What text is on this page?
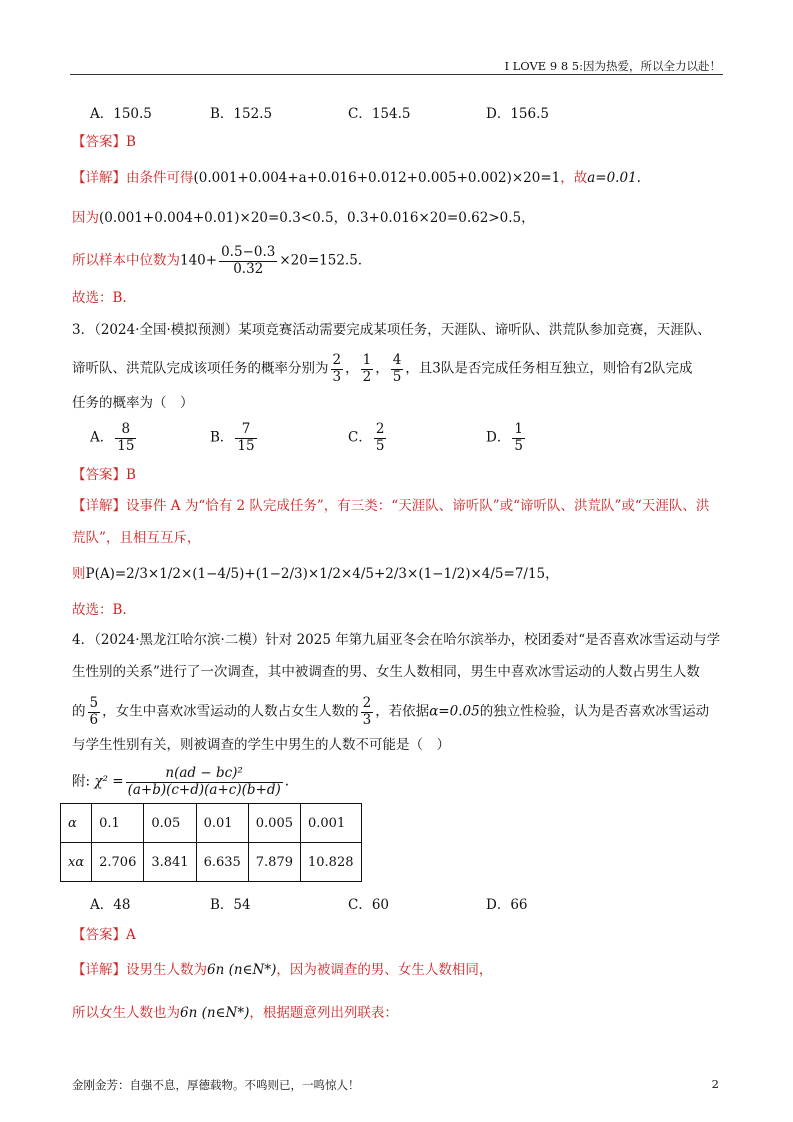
I LOVE 9 8 5:因为热爱，所以全力以赴！
A．150.5	B．152.5	C．154.5	D．156.5
【答案】B
【详解】由条件可得(0.001+0.004+a+0.016+0.012+0.005+0.002)×20=1，故a=0.01.
因为(0.001+0.004+0.01)×20=0.3<0.5，0.3+0.016×20=0.62>0.5，
所以样本中位数为$140+ \frac{0.5-0.3}{0.32} \times 20=152.5$.
故选：B.
3．（2024·全国·模拟预测）某项竞赛活动需要完成某项任务，天涯队、谛听队、洪荒队参加竞赛，天涯队、
谛听队、洪荒队完成该项任务的概率分别为 $\frac{2}{3}$ ， $\frac{1}{2}$ ， $\frac{4}{5}$ ，且3队是否完成任务相互独立，则恰有2队完成
任务的概率为（　）
A． $\frac{8}{15}$	B． $\frac{7}{15}$	C． $\frac{2}{5}$	D． $\frac{1}{5}$
【答案】B
【详解】设事件 A 为“恰有 2 队完成任务”，有三类：“天涯队、谛听队”或“谛听队、洪荒队”或“天涯队、洪
荒队”，且相互互斥，
则P(A)=2/3×1/2×(1−4/5)+(1−2/3)×1/2×4/5+2/3×(1−1/2)×4/5=7/15，
故选：B.
4．（2024·黑龙江哈尔滨·二模）针对 2025 年第九届亚冬会在哈尔滨举办，校团委对“是否喜欢冰雪运动与学
生性别的关系”进行了一次调查，其中被调查的男、女生人数相同，男生中喜欢冰雪运动的人数占男生人数
的 $\frac{5}{6}$ ，女生中喜欢冰雪运动的人数占女生人数的 $\frac{2}{3}$ ，若依据α=0.05的独立性检验，认为是否喜欢冰雪运动
与学生性别有关，则被调查的学生中男生的人数不可能是（　）
附: $\chi^2 = \frac{\text{n(ad − bc)²}}{(a+b)(c+d)(a+c)(b+d)}$ .
α	0.1	0.05	0.01	0.005	0.001
xα	2.706	3.841	6.635	7.879	10.828
A．48	B．54	C．60	D．66
【答案】A
【详解】设男生人数为6n (n∈N*)，因为被调查的男、女生人数相同，
所以女生人数也为6n (n∈N*)，根据题意列出列联表：
金刚金芳：自强不息，厚德载物。不鸣则已，一鸣惊人！	2
